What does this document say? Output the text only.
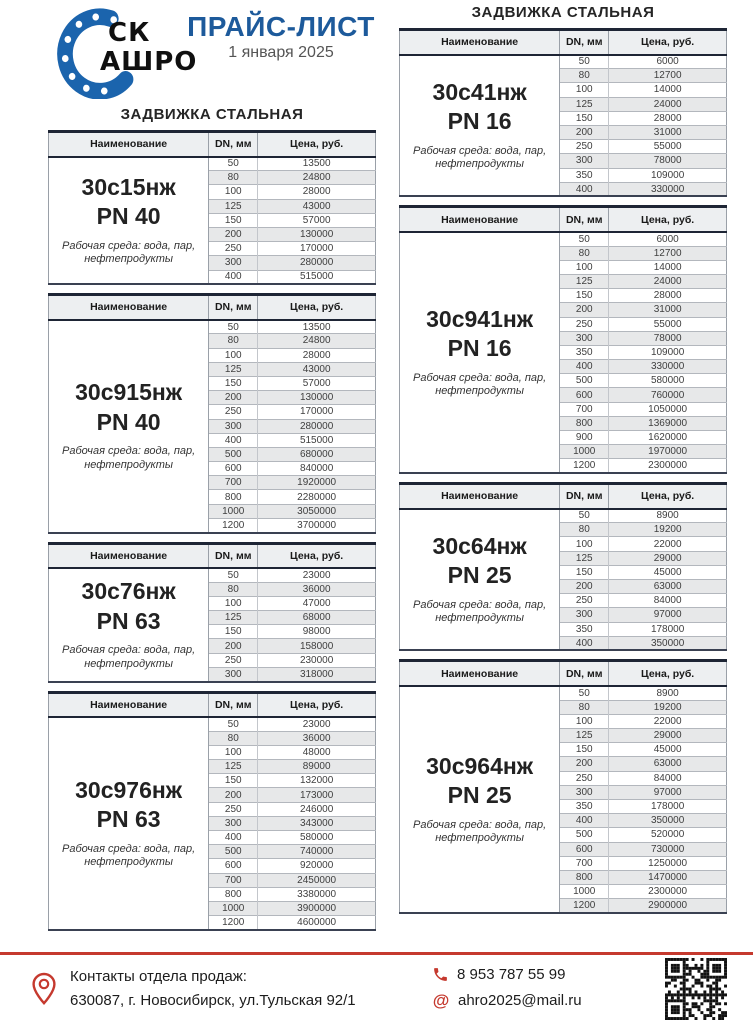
СК
АШРО
ПРАЙС-ЛИСТ
1 января 2025
ЗАДВИЖКА СТАЛЬНАЯ
Наименование	DN, мм	Цена, руб.

30с15нж
PN 40
Рабочая среда: вода, пар, нефтепродукты	50	13500
	80	24800
	100	28000
	125	43000
	150	57000
	200	130000
	250	170000
	300	280000
	400	515000
Наименование	DN, мм	Цена, руб.

30с915нж
PN 40
Рабочая среда: вода, пар, нефтепродукты	50	13500
	80	24800
	100	28000
	125	43000
	150	57000
	200	130000
	250	170000
	300	280000
	400	515000
	500	680000
	600	840000
	700	1920000
	800	2280000
	1000	3050000
	1200	3700000
Наименование	DN, мм	Цена, руб.

30с76нж
PN 63
Рабочая среда: вода, пар, нефтепродукты	50	23000
	80	36000
	100	47000
	125	68000
	150	98000
	200	158000
	250	230000
	300	318000
Наименование	DN, мм	Цена, руб.

30с976нж
PN 63
Рабочая среда: вода, пар, нефтепродукты	50	23000
	80	36000
	100	48000
	125	89000
	150	132000
	200	173000
	250	246000
	300	343000
	400	580000
	500	740000
	600	920000
	700	2450000
	800	3380000
	1000	3900000
	1200	4600000
ЗАДВИЖКА СТАЛЬНАЯ
Наименование	DN, мм	Цена, руб.

30с41нж
PN 16
Рабочая среда: вода, пар, нефтепродукты	50	6000
	80	12700
	100	14000
	125	24000
	150	28000
	200	31000
	250	55000
	300	78000
	350	109000
	400	330000
Наименование	DN, мм	Цена, руб.

30с941нж
PN 16
Рабочая среда: вода, пар, нефтепродукты	50	6000
	80	12700
	100	14000
	125	24000
	150	28000
	200	31000
	250	55000
	300	78000
	350	109000
	400	330000
	500	580000
	600	760000
	700	1050000
	800	1369000
	900	1620000
	1000	1970000
	1200	2300000
Наименование	DN, мм	Цена, руб.

30с64нж
PN 25
Рабочая среда: вода, пар, нефтепродукты	50	8900
	80	19200
	100	22000
	125	29000
	150	45000
	200	63000
	250	84000
	300	97000
	350	178000
	400	350000
Наименование	DN, мм	Цена, руб.

30с964нж
PN 25
Рабочая среда: вода, пар, нефтепродукты	50	8900
	80	19200
	100	22000
	125	29000
	150	45000
	200	63000
	250	84000
	300	97000
	350	178000
	400	350000
	500	520000
	600	730000
	700	1250000
	800	1470000
	1000	2300000
	1200	2900000
Контакты отдела продаж:
630087, г. Новосибирск, ул.Тульская 92/1
8 953 787 55 99
@ ahro2025@mail.ru
